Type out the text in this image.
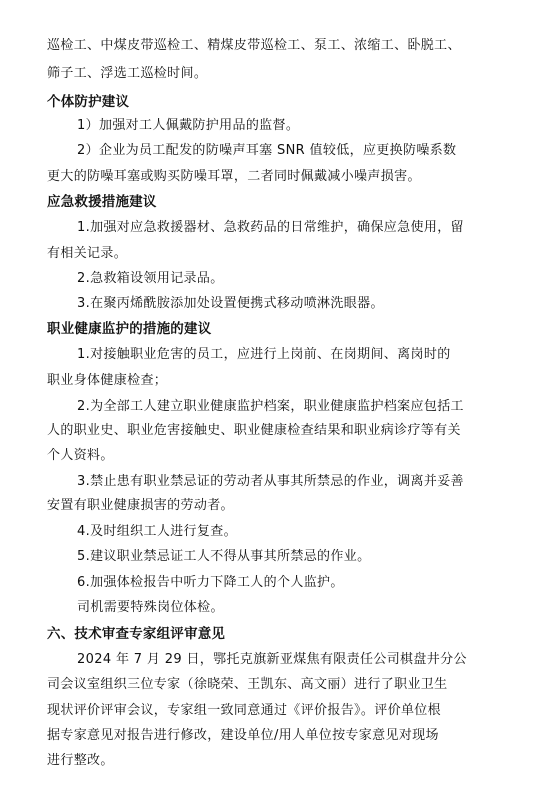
巡检工、中煤皮带巡检工、精煤皮带巡检工、泵工、浓缩工、卧脱工、
筛子工、浮选工巡检时间。
个体防护建议
1）加强对工人佩戴防护用品的监督。
2）企业为员工配发的防噪声耳塞 SNR 值较低，应更换防噪系数
更大的防噪耳塞或购买防噪耳罩，二者同时佩戴减小噪声损害。
应急救援措施建议
1.加强对应急救援器材、急救药品的日常维护，确保应急使用，留
有相关记录。
2.急救箱设领用记录品。
3.在聚丙烯酰胺添加处设置便携式移动喷淋洗眼器。
职业健康监护的措施的建议
1.对接触职业危害的员工，应进行上岗前、在岗期间、离岗时的
职业身体健康检查；
2.为全部工人建立职业健康监护档案，职业健康监护档案应包括工
人的职业史、职业危害接触史、职业健康检查结果和职业病诊疗等有关
个人资料。
3.禁止患有职业禁忌证的劳动者从事其所禁忌的作业，调离并妥善
安置有职业健康损害的劳动者。
4.及时组织工人进行复查。
5.建议职业禁忌证工人不得从事其所禁忌的作业。
6.加强体检报告中听力下降工人的个人监护。
司机需要特殊岗位体检。
六、技术审查专家组评审意见
2024 年 7 月 29 日，鄂托克旗新亚煤焦有限责任公司棋盘井分公
司会议室组织三位专家（徐晓荣、王凯东、高文丽）进行了职业卫生
现状评价评审会议，专家组一致同意通过《评价报告》。评价单位根
据专家意见对报告进行修改，建设单位/用人单位按专家意见对现场
进行整改。
